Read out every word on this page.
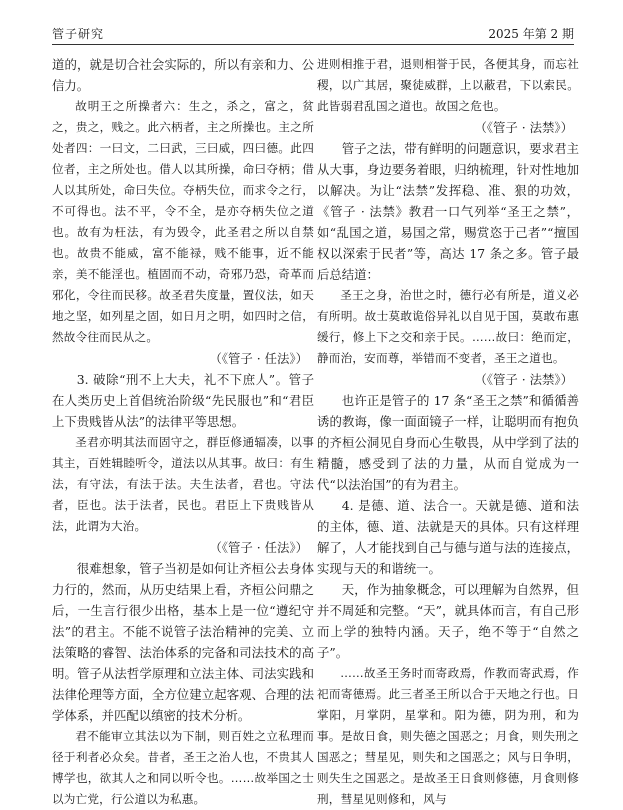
管子研究	2025 年第 2 期

道的，就是切合社会实际的，所以有亲和力、公信力。

故明王之所操者六：生之，杀之，富之，贫之，贵之，贱之。此六柄者，主之所操也。主之所处者四：一曰文，二曰武，三曰威，四曰德。此四位者，主之所处也。借人以其所操，命曰夺柄；借人以其所处，命曰失位。夺柄失位，而求令之行，不可得也。法不平，令不全，是亦夺柄失位之道也。故有为枉法，有为毁令，此圣君之所以自禁也。故贵不能威，富不能禄，贱不能事，近不能亲，美不能淫也。植固而不动，奇邪乃恐，奇革而邪化，令往而民移。故圣君失度量，置仪法，如天地之坚，如列星之固，如日月之明，如四时之信，然故令往而民从之。

（《管子 · 任法》）

3. 破除“刑不上大夫，礼不下庶人”。管子在人类历史上首倡统治阶级“先民服也”和“君臣上下贵贱皆从法”的法律平等思想。

圣君亦明其法而固守之，群臣修通辐凑，以事其主，百姓辑睦听令，道法以从其事。故曰：有生法，有守法，有法于法。夫生法者，君也。守法者，臣也。法于法者，民也。君臣上下贵贱皆从法，此谓为大治。

（《管子 · 任法》）

很难想象，管子当初是如何让齐桓公去身体力行的，然而，从历史结果上看，齐桓公问鼎之后，一生言行很少出格，基本上是一位“遵纪守法”的君主。不能不说管子法治精神的完美、立法策略的睿智、法治体系的完备和司法技术的高明。管子从法哲学原理和立法主体、司法实践和法律伦理等方面，全方位建立起客观、合理的法学体系，并匹配以缜密的技术分析。

君不能审立其法以为下制，则百姓之立私理而径于利者必众矣。昔者，圣王之治人也，不贵其人博学也，欲其人之和同以听令也。……故举国之士以为亡党，行公道以为私惠。

进则相推于君，退则相誉于民，各便其身，而忘社稷，以广其居，聚徒威群，上以蔽君，下以索民。此皆弱君乱国之道也。故国之危也。

（《管子 · 法禁》）

管子之法，带有鲜明的问题意识，要求君主从大事，身边要务着眼，归纳梳理，针对性地加以解决。为让“法禁”发挥稳、准、狠的功效，《管子 · 法禁》教君一口气列举“圣王之禁”，如“乱国之道，易国之常，赐赏恣于己者”“擅国权以深索于民者”等，高达 17 条之多。管子最后总结道：

圣王之身，治世之时，德行必有所是，道义必有所明。故士莫敢诡俗异礼以自见于国，莫敢布惠缓行，修上下之交和亲于民。……故曰：绝而定，静而治，安而尊，举错而不变者，圣王之道也。

（《管子 · 法禁》）

也许正是管子的 17 条“圣王之禁”和循循善诱的教诲，像一面面镜子一样，让聪明而有抱负的齐桓公洞见自身而心生敬畏，从中学到了法的精髓，感受到了法的力量，从而自觉成为一代“以法治国”的有为君主。

4. 是德、道、法合一。天就是德、道和法的主体，德、道、法就是天的具体。只有这样理解了，人才能找到自己与德与道与法的连接点，实现与天的和谐统一。

天，作为抽象概念，可以理解为自然界，但并不周延和完整。“天”，就具体而言，有自己形而上学的独特内涵。天子，绝不等于“自然之子”。

……故圣王务时而寄政焉，作教而寄武焉，作祀而寄德焉。此三者圣王所以合于天地之行也。日掌阳，月掌阴，星掌和。阳为德，阴为刑，和为事。是故日食，则失德之国恶之；月食，则失刑之国恶之；彗星见，则失和之国恶之；风与日争明，则失生之国恶之。是故圣王日食则修德，月食则修刑，彗星见则修和，风与
